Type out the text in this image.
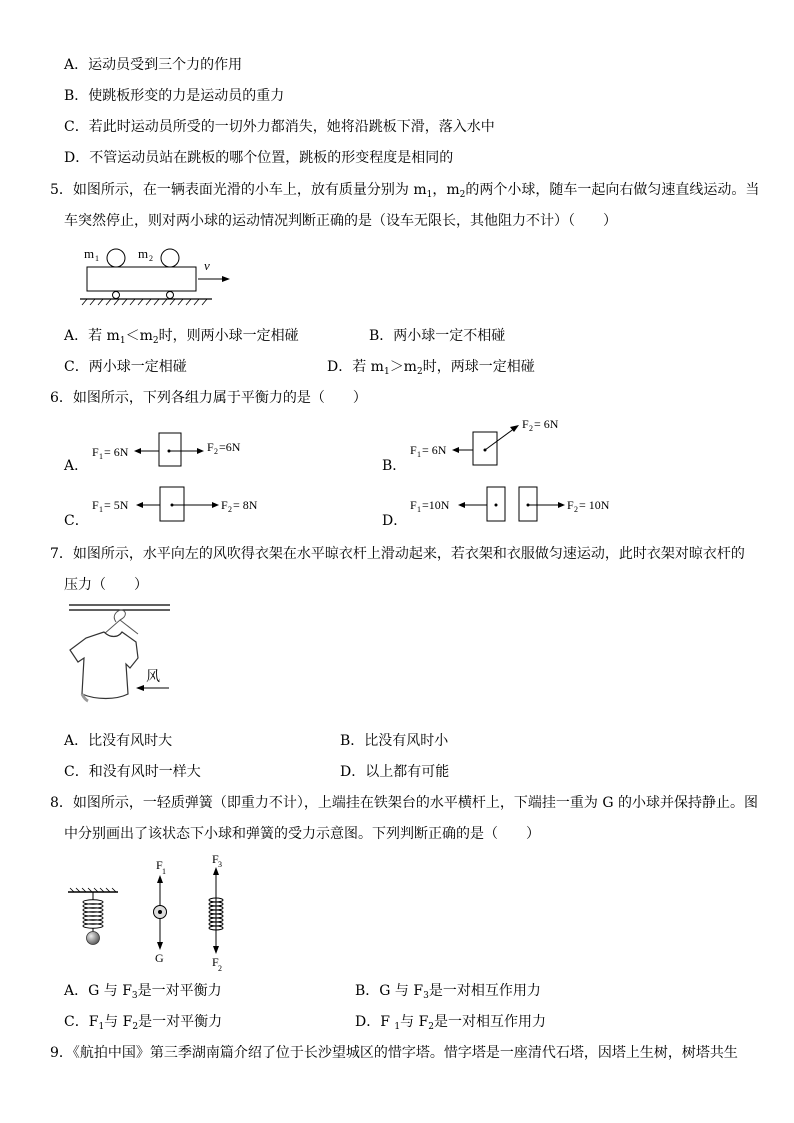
A．运动员受到三个力的作用
B．使跳板形变的力是运动员的重力
C．若此时运动员所受的一切外力都消失，她将沿跳板下滑，落入水中
D．不管运动员站在跳板的哪个位置，跳板的形变程度是相同的
5．如图所示，在一辆表面光滑的小车上，放有质量分别为 $m_1$，$m_2$的两个小球，随车一起向右做匀速直线运动。当
车突然停止，则对两小球的运动情况判断正确的是（设车无限长，其他阻力不计）（　　）
m 1	m 2	v
A．若 $m_1<m_2$时，则两小球一定相碰	B．两小球一定不相碰
C．两小球一定相碰	D．若 $m_1>m_2$时，两球一定相碰
6．如图所示，下列各组力属于平衡力的是（　　）
A．
F 1 = 6N	F 2 =6N
B．
F 1 = 6N
F 2 = 6N
C．
F 1 = 5N	F 2 = 8N
D．
F 1 =10N	F 2 = 10N
7．如图所示，水平向左的风吹得衣架在水平晾衣杆上滑动起来，若衣架和衣服做匀速运动，此时衣架对晾衣杆的
压力（　　）
风
A．比没有风时大	B．比没有风时小
C．和没有风时一样大	D．以上都有可能
8．如图所示，一轻质弹簧（即重力不计），上端挂在铁架台的水平横杆上，下端挂一重为 G 的小球并保持静止。图
中分别画出了该状态下小球和弹簧的受力示意图。下列判断正确的是（　　）
F 1
G
F 3
F 2
A．G 与 $F_3$是一对平衡力	B．G 与 $F_3$是一对相互作用力
C．$F_1$与 $F_2$是一对平衡力	D．F $_1$与 $F_2$是一对相互作用力
9．《航拍中国》第三季湖南篇介绍了位于长沙望城区的惜字塔。惜字塔是一座清代石塔，因塔上生树，树塔共生
